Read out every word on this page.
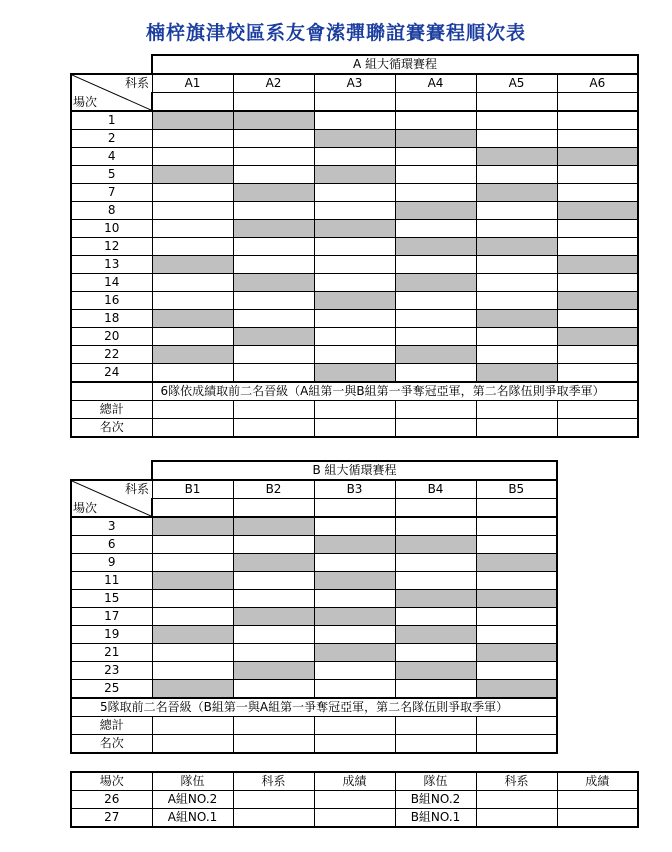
楠梓旗津校區系友會溹彈聯誼賽賽程順次表
	A 組大循環賽程					

科系
場次	A1	A2	A3	A4	A5	A6

1						
2						
4						
5						
7						
8						
10						
12						
13						
14						
16						
18						
20						
22						
24						
	6隊依成績取前二名晉級（A組第一與B組第一爭奪冠亞軍，第二名隊伍則爭取季軍）					
總計						
名次						
	B 組大循環賽程				

科系
場次	B1	B2	B3	B4	B5

3					
6					
9					
11					
15					
17					
19					
21					
23					
25					
5隊取前二名晉級（B組第一與A組第一爭奪冠亞軍，第二名隊伍則爭取季軍）					
總計					
名次					
場次	隊伍	科系	成績	隊伍	科系	成績
26	A組NO.2			B組NO.2		
27	A組NO.1			B組NO.1		
